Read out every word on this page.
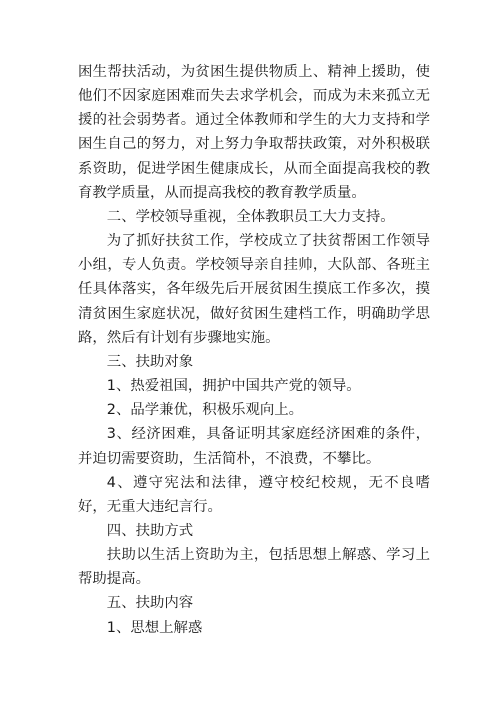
困生帮扶活动，为贫困生提供物质上、精神上援助，使他们不因家庭困难而失去求学机会，而成为未来孤立无援的社会弱势者。通过全体教师和学生的大力支持和学困生自己的努力，对上努力争取帮扶政策，对外积极联系资助，促进学困生健康成长，从而全面提高我校的教育教学质量，从而提高我校的教育教学质量。

二、学校领导重视，全体教职员工大力支持。

为了抓好扶贫工作，学校成立了扶贫帮困工作领导小组，专人负责。学校领导亲自挂帅，大队部、各班主任具体落实，各年级先后开展贫困生摸底工作多次，摸清贫困生家庭状况，做好贫困生建档工作，明确助学思路，然后有计划有步骤地实施。

三、扶助对象

1、热爱祖国，拥护中国共产党的领导。

2、品学兼优，积极乐观向上。

3、经济困难，具备证明其家庭经济困难的条件，并迫切需要资助，生活简朴，不浪费，不攀比。

4、遵守宪法和法律，遵守校纪校规，无不良嗜好，无重大违纪言行。

四、扶助方式

扶助以生活上资助为主，包括思想上解惑、学习上帮助提高。

五、扶助内容

1、思想上解惑
